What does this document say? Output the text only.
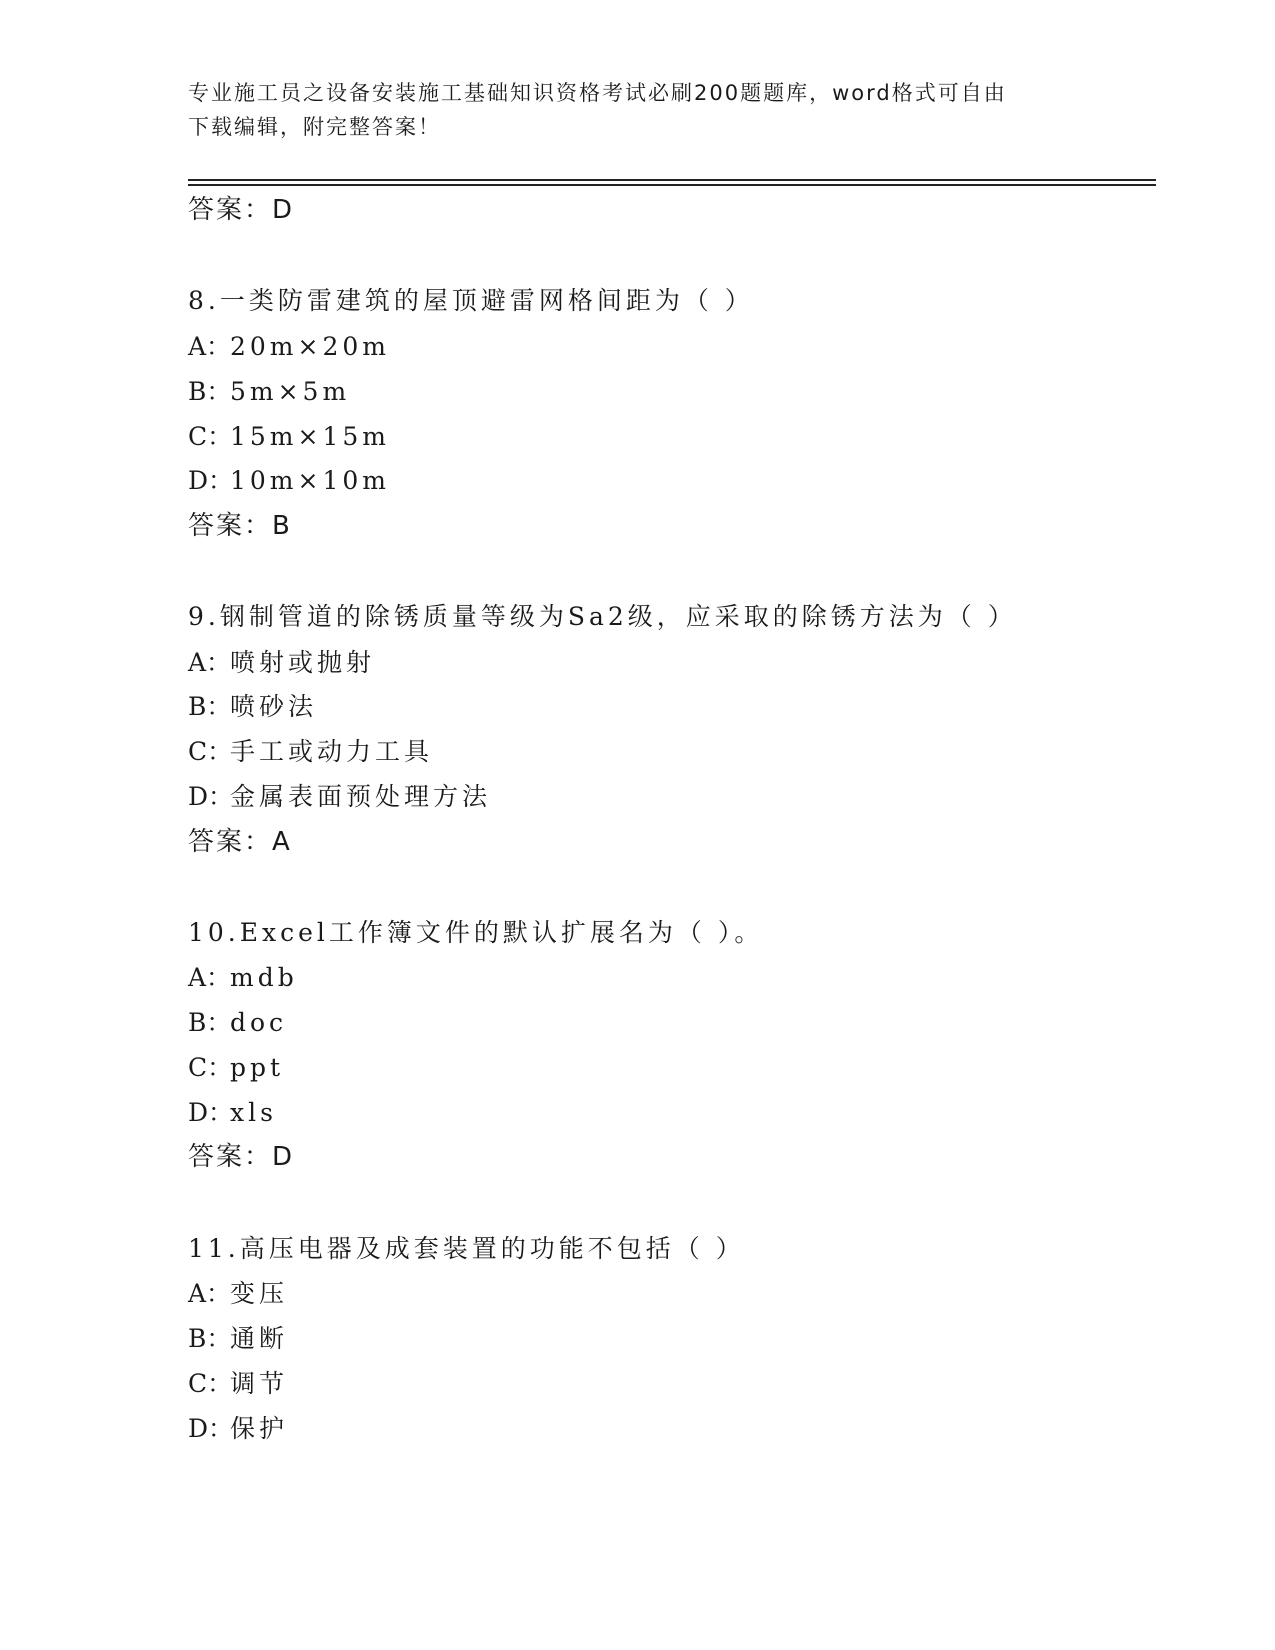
专业施工员之设备安装施工基础知识资格考试必刷200题题库，word格式可自由
下载编辑，附完整答案！
答案：D
8.一类防雷建筑的屋顶避雷网格间距为（ ）
A：20m×20m
B：5m×5m
C：15m×15m
D：10m×10m
答案：B
9.钢制管道的除锈质量等级为Sa2级，应采取的除锈方法为（ ）
A：喷射或抛射
B：喷砂法
C：手工或动力工具
D：金属表面预处理方法
答案：A
10.Excel工作簿文件的默认扩展名为（ ）。
A：mdb
B：doc
C：ppt
D：xls
答案：D
11.高压电器及成套装置的功能不包括（ ）
A：变压
B：通断
C：调节
D：保护
